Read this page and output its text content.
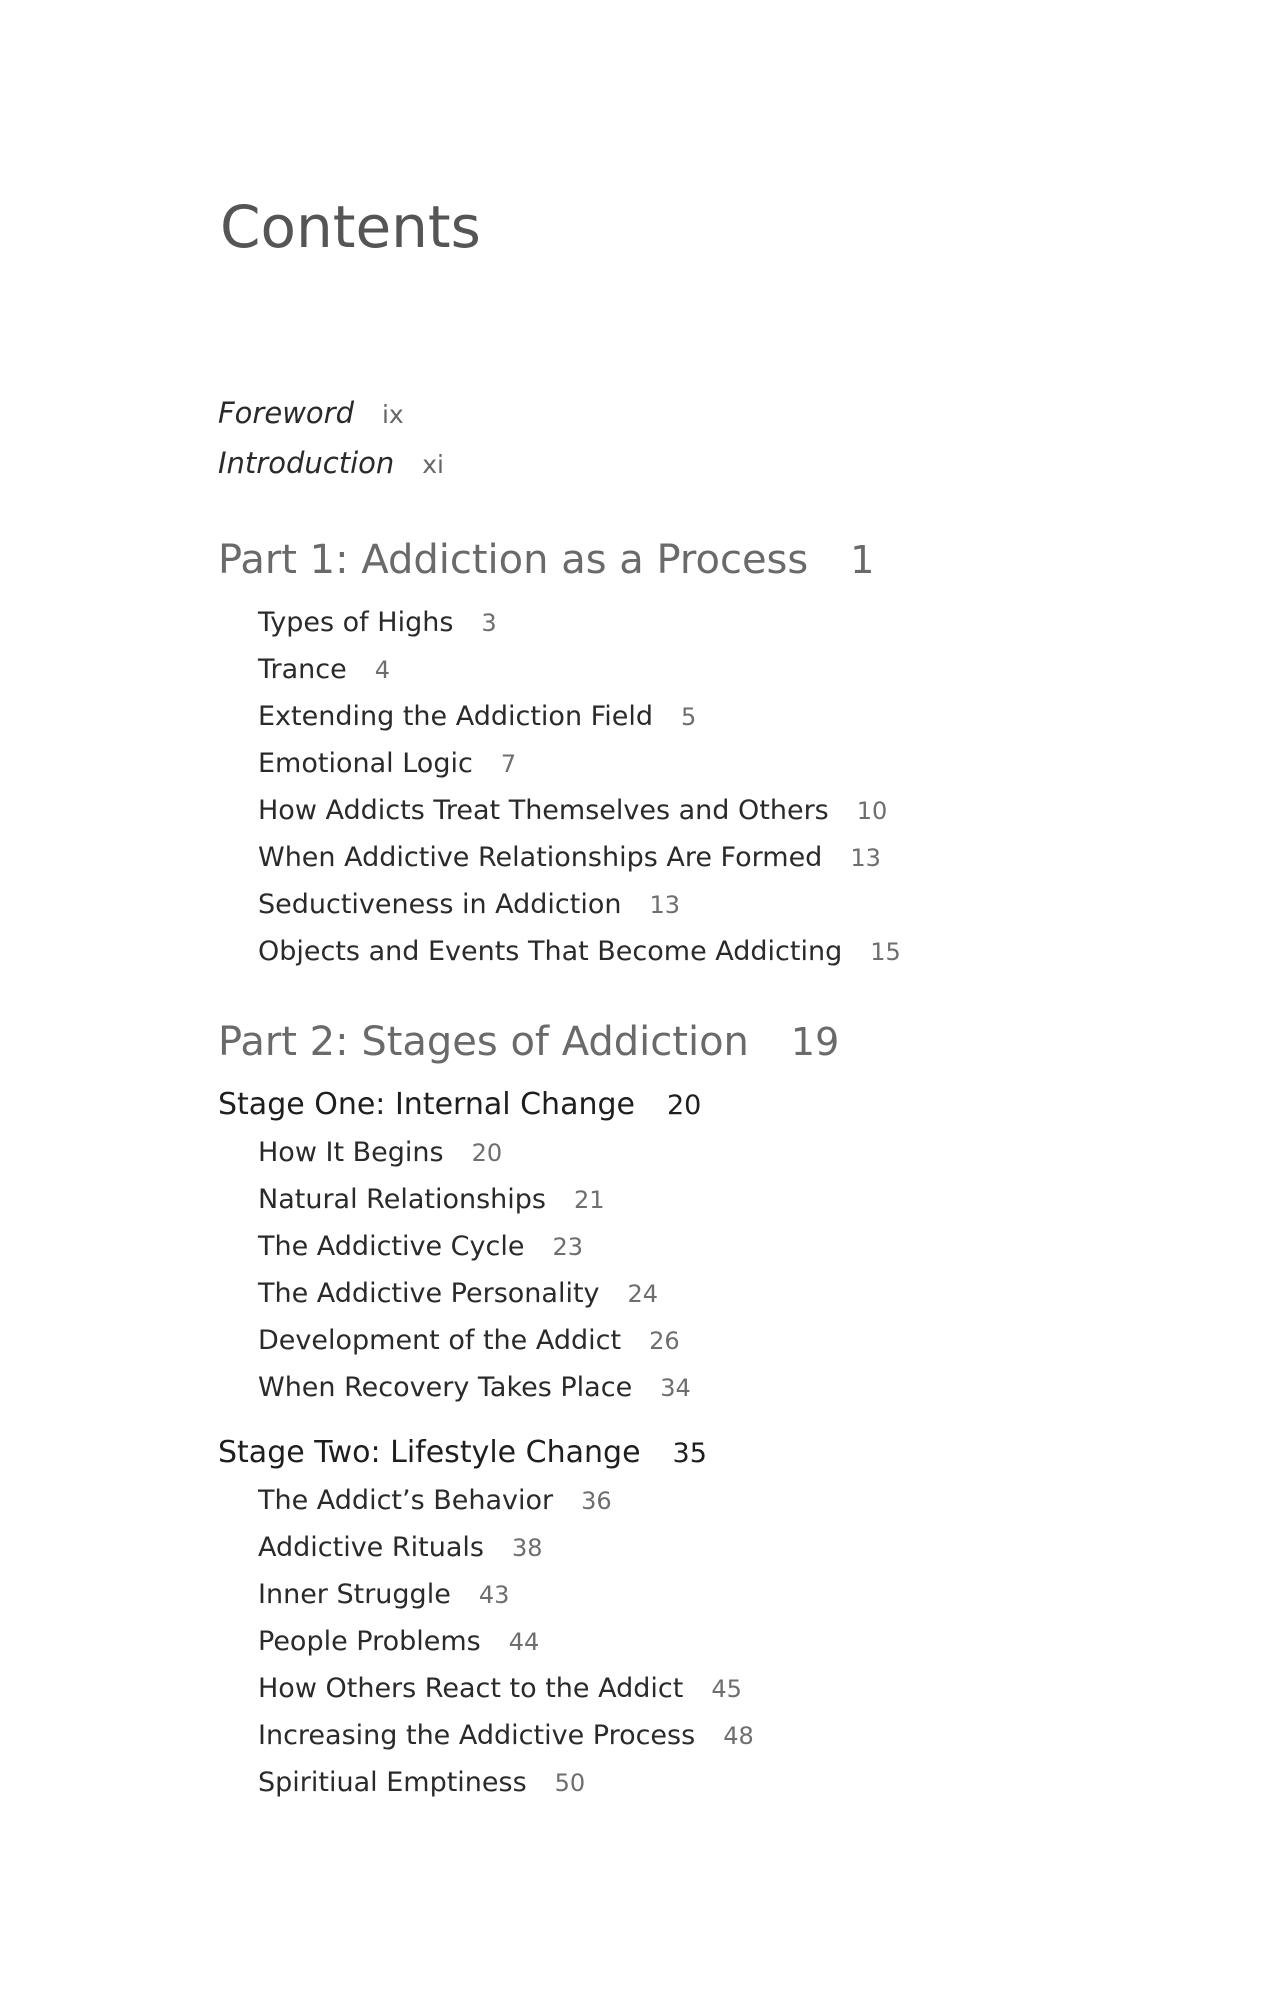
Contents
Foreword ix
Introduction xi
Part 1: Addiction as a Process 1
Types of Highs 3
Trance 4
Extending the Addiction Field 5
Emotional Logic 7
How Addicts Treat Themselves and Others 10
When Addictive Relationships Are Formed 13
Seductiveness in Addiction 13
Objects and Events That Become Addicting 15
Part 2: Stages of Addiction 19
Stage One: Internal Change 20
How It Begins 20
Natural Relationships 21
The Addictive Cycle 23
The Addictive Personality 24
Development of the Addict 26
When Recovery Takes Place 34
Stage Two: Lifestyle Change 35
The Addict’s Behavior 36
Addictive Rituals 38
Inner Struggle 43
People Problems 44
How Others React to the Addict 45
Increasing the Addictive Process 48
Spiritiual Emptiness 50
